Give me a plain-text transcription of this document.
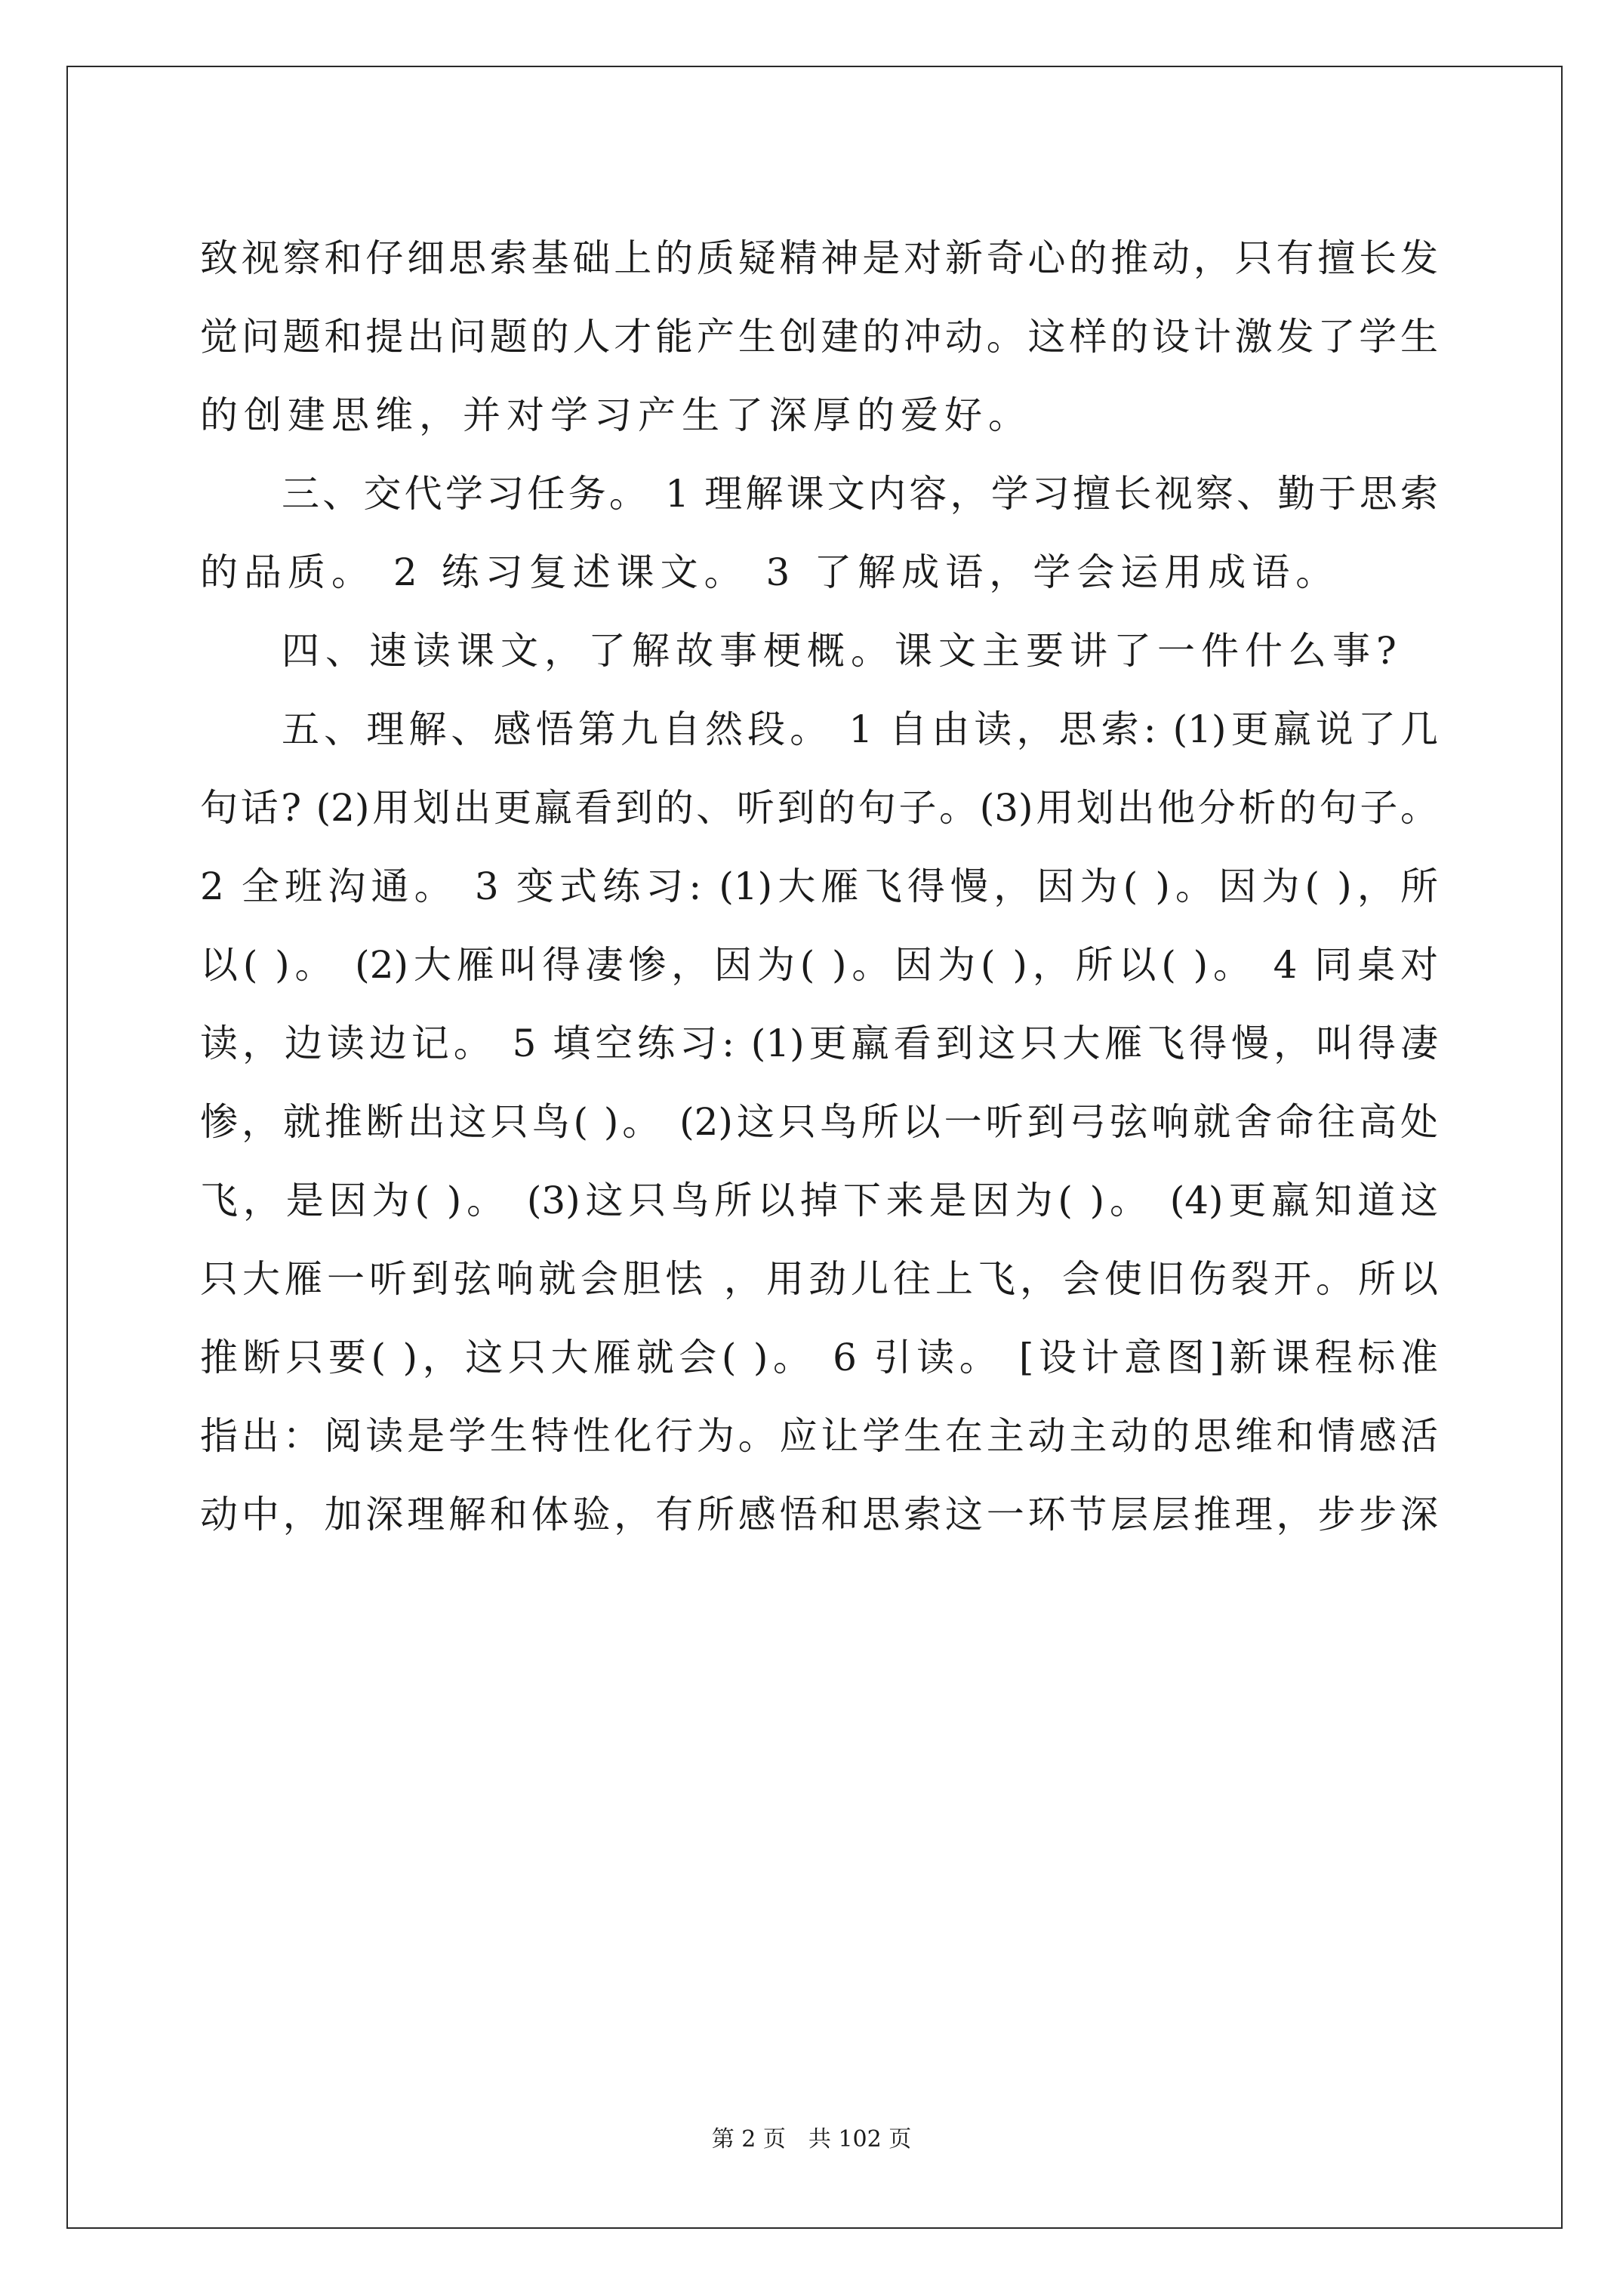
致视察和仔细思索基础上的质疑精神是对新奇心的推动，只有擅长发
觉问题和提出问题的人才能产生创建的冲动。这样的设计激发了学生
的创建思维，并对学习产生了深厚的爱好。
三、交代学习任务。 1 理解课文内容，学习擅长视察、勤于思索
的品质。 2 练习复述课文。 3 了解成语，学会运用成语。
四、速读课文，了解故事梗概。课文主要讲了一件什么事?
五、理解、感悟第九自然段。 1 自由读，思索: (1)更羸说了几
句话? (2)用划出更羸看到的、听到的句子。(3)用划出他分析的句子。
2 全班沟通。 3 变式练习: (1)大雁飞得慢，因为( )。因为( )，所
以( )。 (2)大雁叫得凄惨，因为( )。因为( )，所以( )。 4 同桌对
读，边读边记。 5 填空练习: (1)更羸看到这只大雁飞得慢，叫得凄
惨，就推断出这只鸟( )。 (2)这只鸟所以一听到弓弦响就舍命往高处
飞，是因为( )。 (3)这只鸟所以掉下来是因为( )。 (4)更羸知道这
只大雁一听到弦响就会胆怯 ，用劲儿往上飞，会使旧伤裂开。所以
推断只要( )，这只大雁就会( )。 6 引读。 [设计意图]新课程标准
指出：阅读是学生特性化行为。应让学生在主动主动的思维和情感活
动中，加深理解和体验，有所感悟和思索这一环节层层推理，步步深
第 2 页　共 102 页
